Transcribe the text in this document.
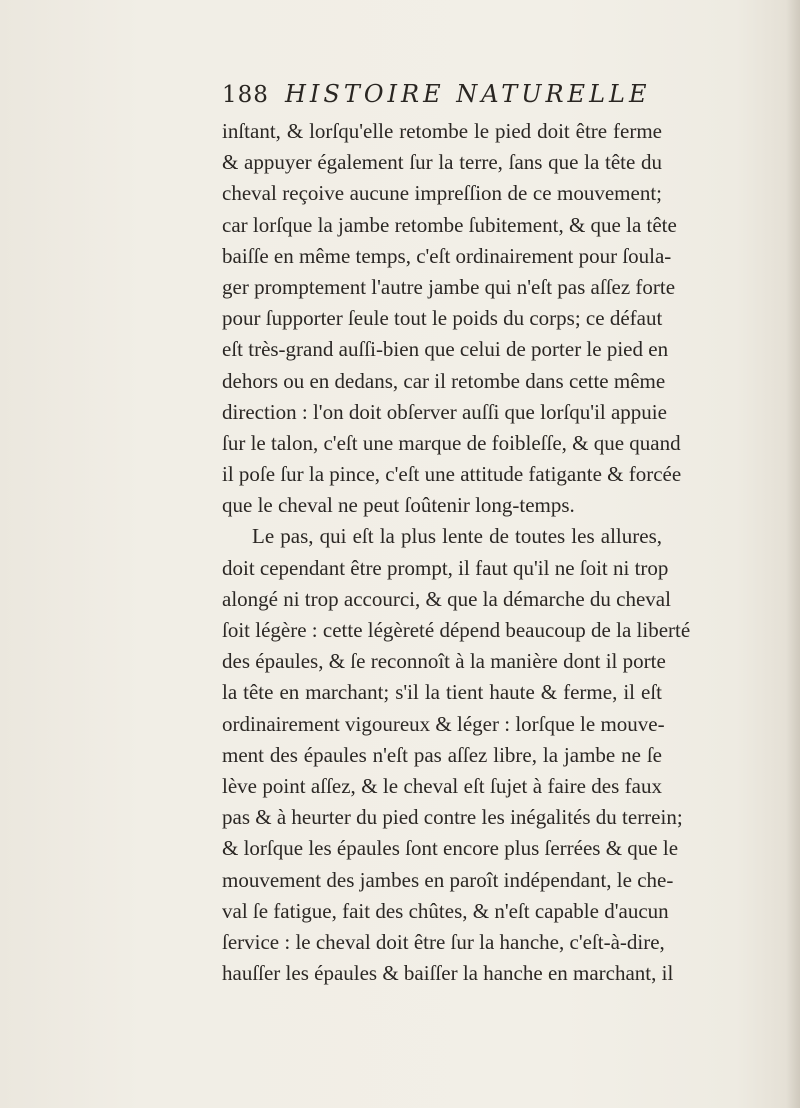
188 HISTOIRE NATURELLE
inſtant, & lorſqu'elle retombe le pied doit être ferme
& appuyer également ſur la terre, ſans que la tête du
cheval reçoive aucune impreſſion de ce mouvement;
car lorſque la jambe retombe ſubitement, & que la tête
baiſſe en même temps, c'eſt ordinairement pour ſoula-
ger promptement l'autre jambe qui n'eſt pas aſſez forte
pour ſupporter ſeule tout le poids du corps; ce défaut
eſt très-grand auſſi-bien que celui de porter le pied en
dehors ou en dedans, car il retombe dans cette même
direction : l'on doit obſerver auſſi que lorſqu'il appuie
ſur le talon, c'eſt une marque de foibleſſe, & que quand
il poſe ſur la pince, c'eſt une attitude fatigante & forcée
que le cheval ne peut ſoûtenir long-temps.
Le pas, qui eſt la plus lente de toutes les allures,
doit cependant être prompt, il faut qu'il ne ſoit ni trop
alongé ni trop accourci, & que la démarche du cheval
ſoit légère : cette légèreté dépend beaucoup de la liberté
des épaules, & ſe reconnoît à la manière dont il porte
la tête en marchant; s'il la tient haute & ferme, il eſt
ordinairement vigoureux & léger : lorſque le mouve-
ment des épaules n'eſt pas aſſez libre, la jambe ne ſe
lève point aſſez, & le cheval eſt ſujet à faire des faux
pas & à heurter du pied contre les inégalités du terrein;
& lorſque les épaules ſont encore plus ſerrées & que le
mouvement des jambes en paroît indépendant, le che-
val ſe fatigue, fait des chûtes, & n'eſt capable d'aucun
ſervice : le cheval doit être ſur la hanche, c'eſt-à-dire,
hauſſer les épaules & baiſſer la hanche en marchant, il
